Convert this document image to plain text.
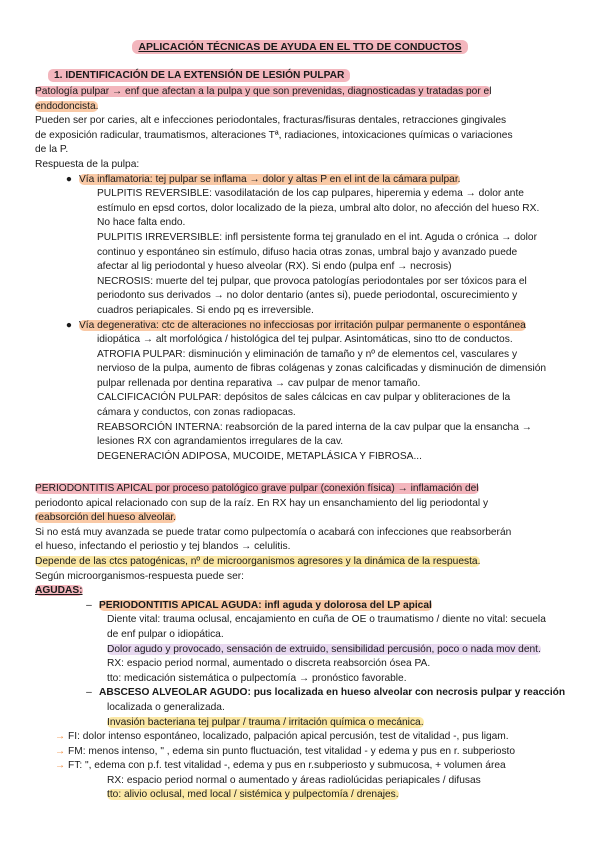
APLICACIÓN TÉCNICAS DE AYUDA EN EL TTO DE CONDUCTOS
1. IDENTIFICACIÓN DE LA EXTENSIÓN DE LESIÓN PULPAR
Patología pulpar → enf que afectan a la pulpa y que son prevenidas, diagnosticadas y tratadas por el
endodoncista.
Pueden ser por caries, alt e infecciones periodontales, fracturas/fisuras dentales, retracciones gingivales
de exposición radicular, traumatismos, alteraciones Tª, radiaciones, intoxicaciones químicas o variaciones
de la P.
Respuesta de la pulpa:
● Vía inflamatoria: tej pulpar se inflama → dolor y altas P en el int de la cámara pulpar.
PULPITIS REVERSIBLE: vasodilatación de los cap pulpares, hiperemia y edema → dolor ante
estímulo en epsd cortos, dolor localizado de la pieza, umbral alto dolor, no afección del hueso RX.
No hace falta endo.
PULPITIS IRREVERSIBLE: infl persistente forma tej granulado en el int. Aguda o crónica → dolor
continuo y espontáneo sin estímulo, difuso hacia otras zonas, umbral bajo y avanzado puede
afectar al lig periodontal y hueso alveolar (RX). Si endo (pulpa enf → necrosis)
NECROSIS: muerte del tej pulpar, que provoca patologías periodontales por ser tóxicos para el
periodonto sus derivados → no dolor dentario (antes si), puede periodontal, oscurecimiento y
cuadros periapicales. Si endo pq es irreversible.
● Vía degenerativa: ctc de alteraciones no infecciosas por irritación pulpar permanente o espontánea
idiopática → alt morfológica / histológica del tej pulpar. Asintomáticas, sino tto de conductos.
ATROFIA PULPAR: disminución y eliminación de tamaño y nº de elementos cel, vasculares y
nervioso de la pulpa, aumento de fibras colágenas y zonas calcificadas y disminución de dimensión
pulpar rellenada por dentina reparativa → cav pulpar de menor tamaño.
CALCIFICACIÓN PULPAR: depósitos de sales cálcicas en cav pulpar y obliteraciones de la
cámara y conductos, con zonas radiopacas.
REABSORCIÓN INTERNA: reabsorción de la pared interna de la cav pulpar que la ensancha →
lesiones RX con agrandamientos irregulares de la cav.
DEGENERACIÓN ADIPOSA, MUCOIDE, METAPLÁSICA Y FIBROSA...
PERIODONTITIS APICAL por proceso patológico grave pulpar (conexión física) → inflamación del
periodonto apical relacionado con sup de la raíz. En RX hay un ensanchamiento del lig periodontal y
reabsorción del hueso alveolar.
Si no está muy avanzada se puede tratar como pulpectomía o acabará con infecciones que reabsorberán
el hueso, infectando el periostio y tej blandos → celulitis.
Depende de las ctcs patogénicas, nº de microorganismos agresores y la dinámica de la respuesta.
Según microorganismos-respuesta puede ser:
AGUDAS:
– PERIODONTITIS APICAL AGUDA: infl aguda y dolorosa del LP apical
Diente vital: trauma oclusal, encajamiento en cuña de OE o traumatismo / diente no vital: secuela
de enf pulpar o idiopática.
Dolor agudo y provocado, sensación de extruido, sensibilidad percusión, poco o nada mov dent.
RX: espacio period normal, aumentado o discreta reabsorción ósea PA.
tto: medicación sistemática o pulpectomía → pronóstico favorable.
– ABSCESO ALVEOLAR AGUDO: pus localizada en hueso alveolar con necrosis pulpar y reacción
localizada o generalizada.
Invasión bacteriana tej pulpar / trauma / irritación química o mecánica.
→ FI: dolor intenso espontáneo, localizado, palpación apical percusión, test de vitalidad -, pus ligam.
→ FM: menos intenso, " , edema sin punto fluctuación, test vitalidad - y edema y pus en r. subperiosto
→ FT: ", edema con p.f. test vitalidad -, edema y pus en r.subperiosto y submucosa, + volumen área
RX: espacio period normal o aumentado y áreas radiolúcidas periapicales / difusas
tto: alivio oclusal, med local / sistémica y pulpectomía / drenajes.
